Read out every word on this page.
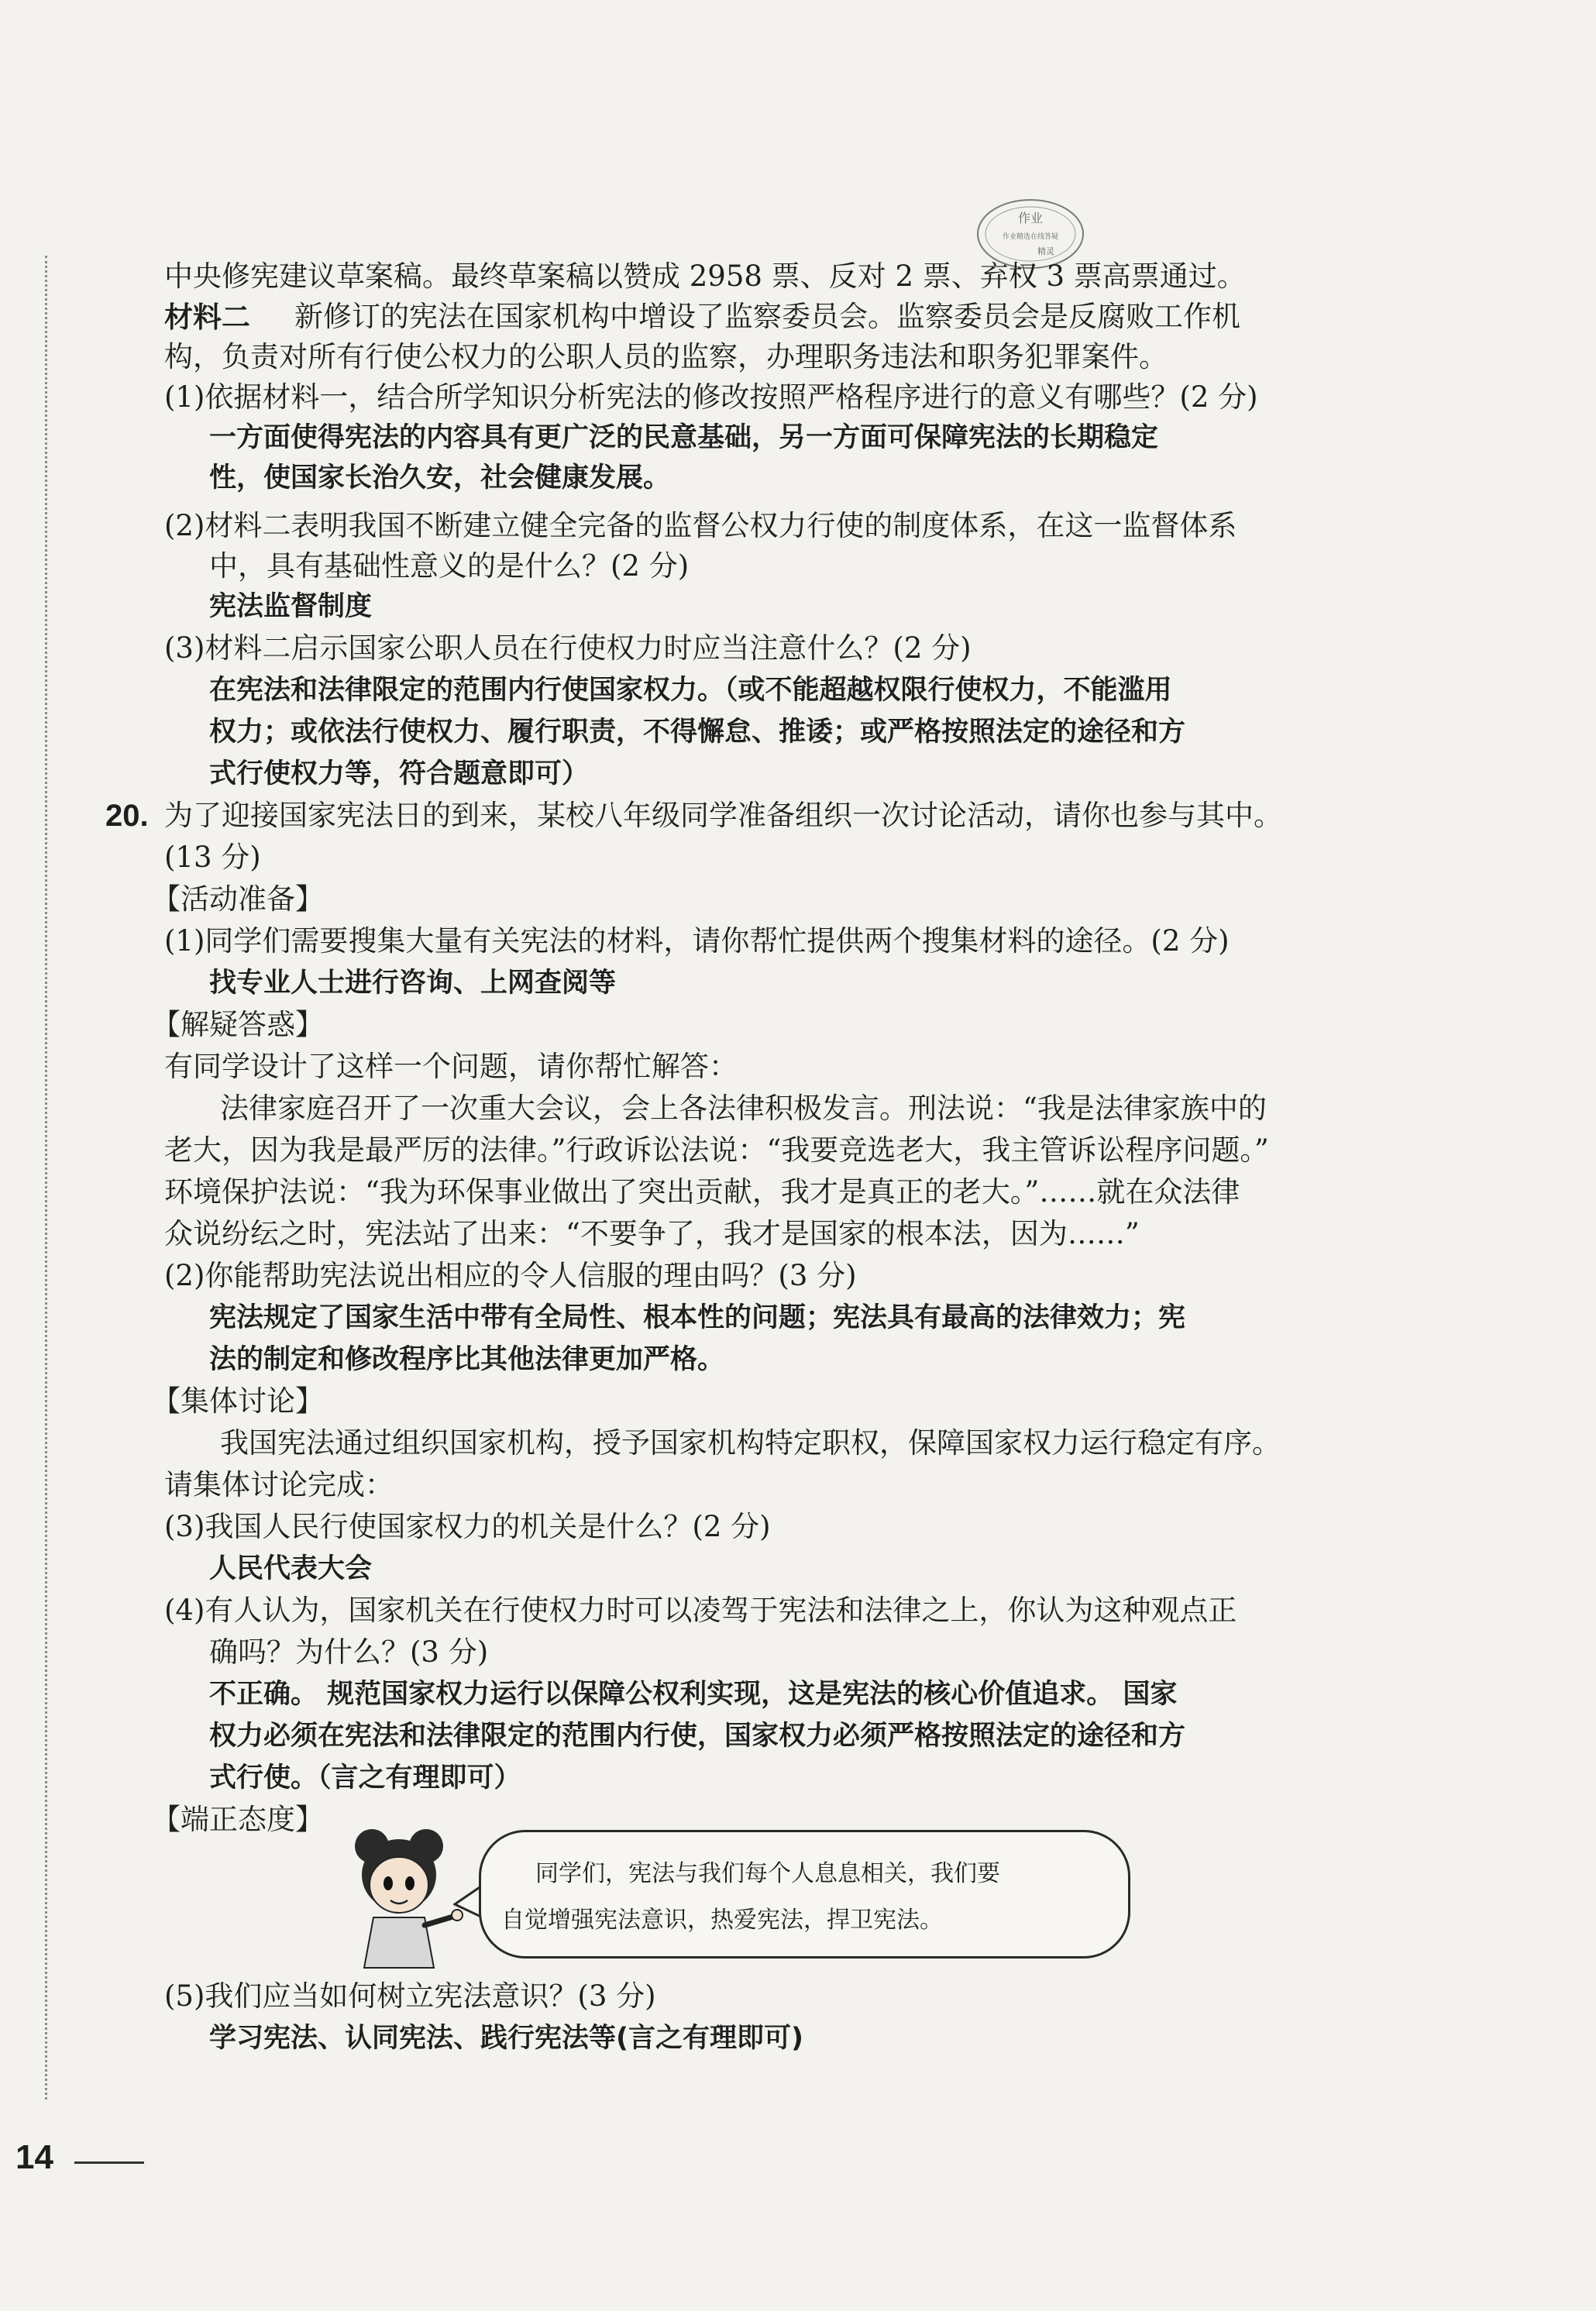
作业
作业精选在线答疑
精灵
中央修宪建议草案稿。最终草案稿以赞成 2958 票、反对 2 票、弃权 3 票高票通过。
材料二 新修订的宪法在国家机构中增设了监察委员会。监察委员会是反腐败工作机
构，负责对所有行使公权力的公职人员的监察，办理职务违法和职务犯罪案件。
(1)依据材料一，结合所学知识分析宪法的修改按照严格程序进行的意义有哪些？(2 分)
一方面使得宪法的内容具有更广泛的民意基础，另一方面可保障宪法的长期稳定
性，使国家长治久安，社会健康发展。
(2)材料二表明我国不断建立健全完备的监督公权力行使的制度体系，在这一监督体系
中，具有基础性意义的是什么？(2 分)
宪法监督制度
(3)材料二启示国家公职人员在行使权力时应当注意什么？(2 分)
在宪法和法律限定的范围内行使国家权力。（或不能超越权限行使权力，不能滥用
权力；或依法行使权力、履行职责，不得懈怠、推诿；或严格按照法定的途径和方
式行使权力等，符合题意即可）
20. 为了迎接国家宪法日的到来，某校八年级同学准备组织一次讨论活动，请你也参与其中。
(13 分)
【活动准备】
(1)同学们需要搜集大量有关宪法的材料，请你帮忙提供两个搜集材料的途径。(2 分)
找专业人士进行咨询、上网查阅等
【解疑答惑】
有同学设计了这样一个问题，请你帮忙解答：
法律家庭召开了一次重大会议，会上各法律积极发言。刑法说：“我是法律家族中的
老大，因为我是最严厉的法律。”行政诉讼法说：“我要竞选老大，我主管诉讼程序问题。”
环境保护法说：“我为环保事业做出了突出贡献，我才是真正的老大。”……就在众法律
众说纷纭之时，宪法站了出来：“不要争了，我才是国家的根本法，因为……”
(2)你能帮助宪法说出相应的令人信服的理由吗？(3 分)
宪法规定了国家生活中带有全局性、根本性的问题；宪法具有最高的法律效力；宪
法的制定和修改程序比其他法律更加严格。
【集体讨论】
我国宪法通过组织国家机构，授予国家机构特定职权，保障国家权力运行稳定有序。
请集体讨论完成：
(3)我国人民行使国家权力的机关是什么？(2 分)
人民代表大会
(4)有人认为，国家机关在行使权力时可以凌驾于宪法和法律之上，你认为这种观点正
确吗？为什么？(3 分)
不正确。 规范国家权力运行以保障公权利实现，这是宪法的核心价值追求。 国家
权力必须在宪法和法律限定的范围内行使，国家权力必须严格按照法定的途径和方
式行使。（言之有理即可）
【端正态度】
(5)我们应当如何树立宪法意识？(3 分)
学习宪法、认同宪法、践行宪法等(言之有理即可)
同学们，宪法与我们每个人息息相关，我们要
自觉增强宪法意识，热爱宪法，捍卫宪法。
14
